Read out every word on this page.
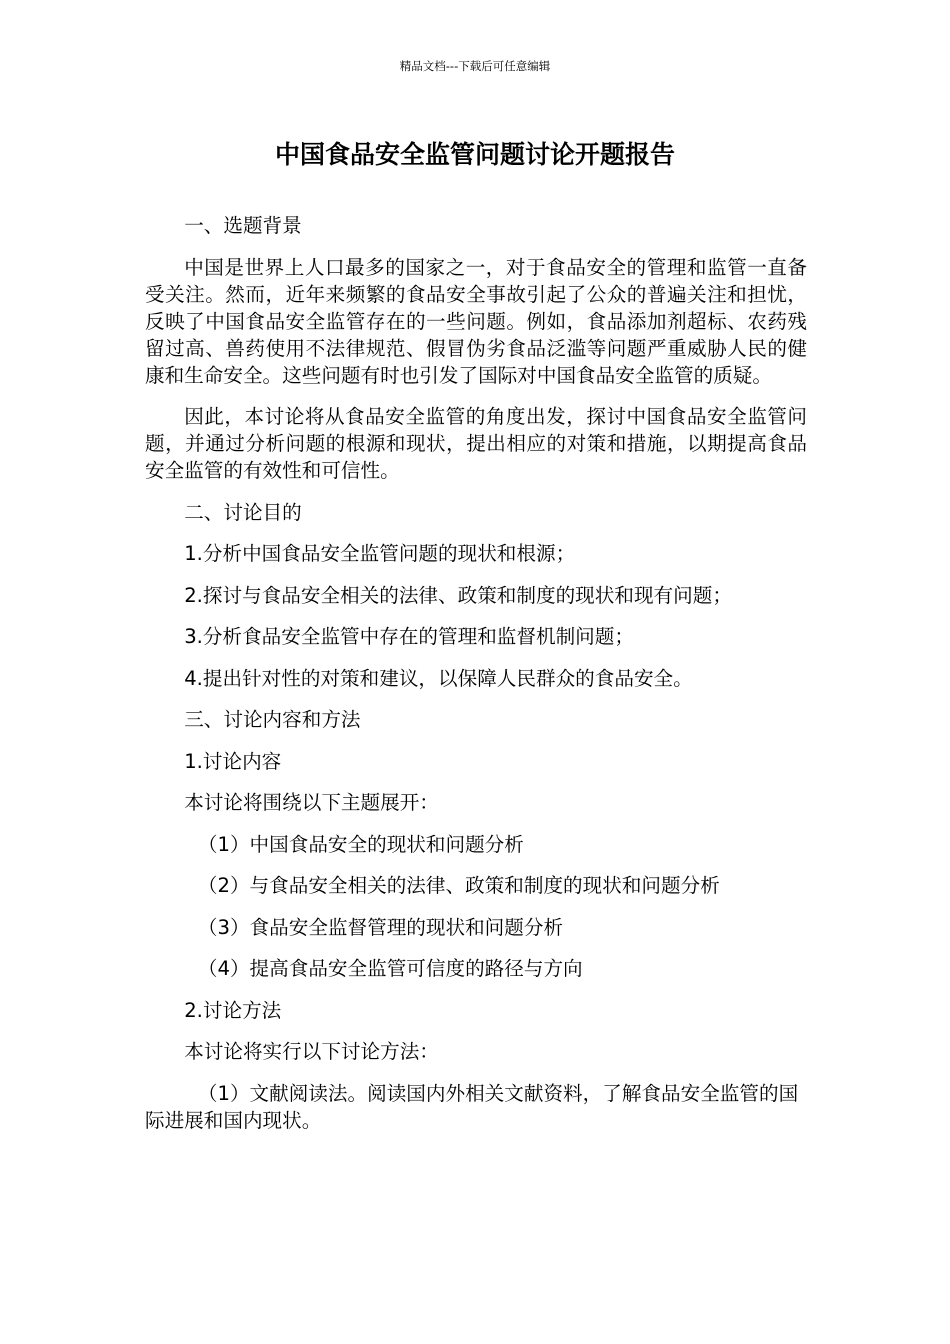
精品文档---下载后可任意编辑
中国食品安全监管问题讨论开题报告

一、选题背景

中国是世界上人口最多的国家之一，对于食品安全的管理和监管一直备受关注。然而，近年来频繁的食品安全事故引起了公众的普遍关注和担忧，反映了中国食品安全监管存在的一些问题。例如，食品添加剂超标、农药残留过高、兽药使用不法律规范、假冒伪劣食品泛滥等问题严重威胁人民的健康和生命安全。这些问题有时也引发了国际对中国食品安全监管的质疑。

因此，本讨论将从食品安全监管的角度出发，探讨中国食品安全监管问题，并通过分析问题的根源和现状，提出相应的对策和措施，以期提高食品安全监管的有效性和可信性。

二、讨论目的

1.分析中国食品安全监管问题的现状和根源；

2.探讨与食品安全相关的法律、政策和制度的现状和现有问题；

3.分析食品安全监管中存在的管理和监督机制问题；

4.提出针对性的对策和建议，以保障人民群众的食品安全。

三、讨论内容和方法

1.讨论内容

本讨论将围绕以下主题展开：

（1）中国食品安全的现状和问题分析

（2）与食品安全相关的法律、政策和制度的现状和问题分析

（3）食品安全监督管理的现状和问题分析

（4）提高食品安全监管可信度的路径与方向

2.讨论方法

本讨论将实行以下讨论方法：

（1）文献阅读法。阅读国内外相关文献资料，了解食品安全监管的国际进展和国内现状。
